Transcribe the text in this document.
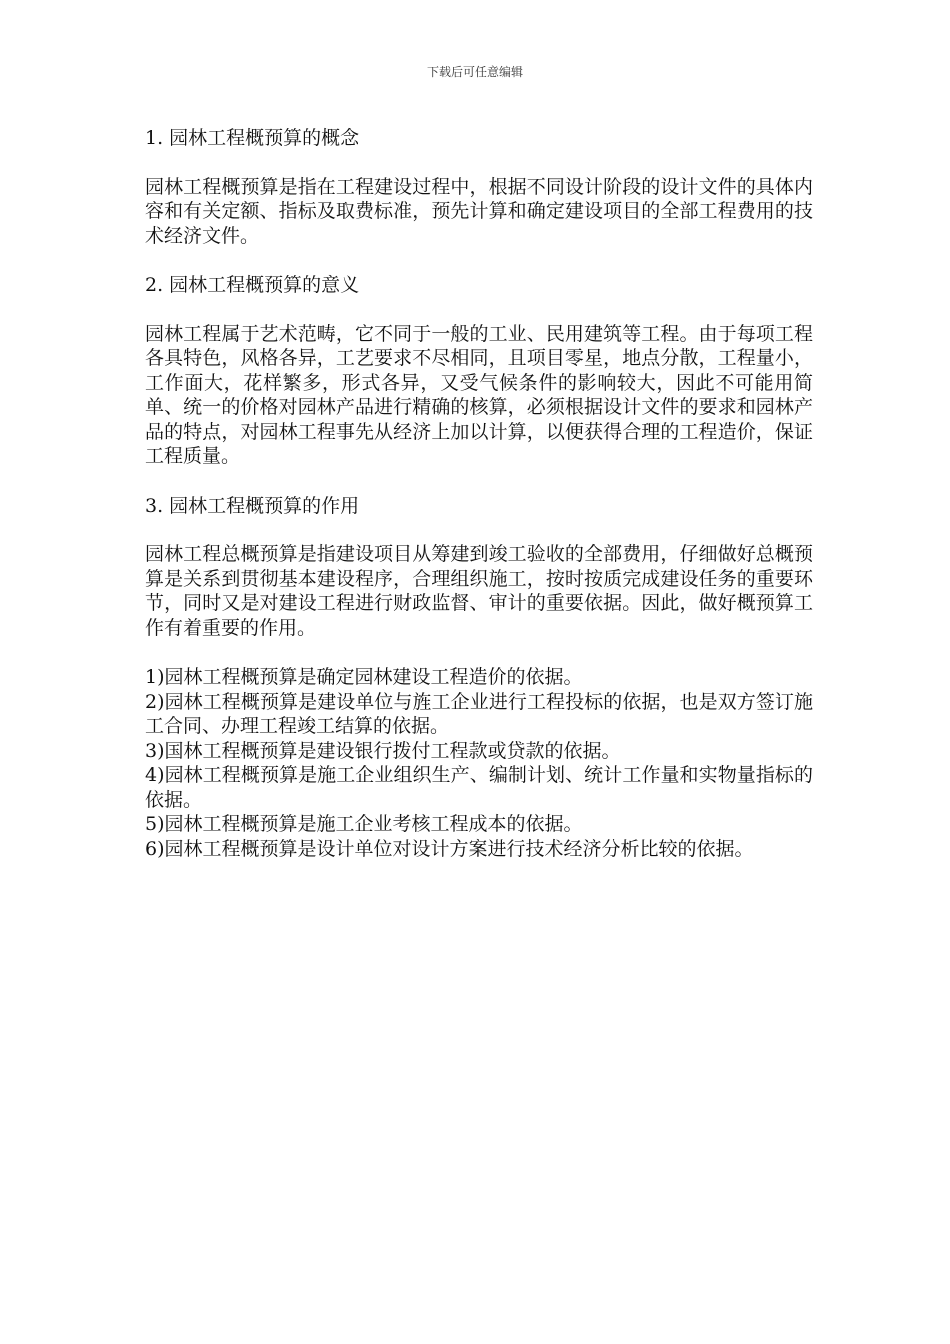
下载后可任意编辑
1. 园林工程概预算的概念

园林工程概预算是指在工程建设过程中，根据不同设计阶段的设计文件的具体内容和有关定额、指标及取费标准，预先计算和确定建设项目的全部工程费用的技术经济文件。

2. 园林工程概预算的意义

园林工程属于艺术范畴，它不同于一般的工业、民用建筑等工程。由于每项工程各具特色，风格各异，工艺要求不尽相同，且项目零星，地点分散，工程量小，工作面大，花样繁多，形式各异，又受气候条件的影响较大，因此不可能用简单、统一的价格对园林产品进行精确的核算，必须根据设计文件的要求和园林产品的特点，对园林工程事先从经济上加以计算，以便获得合理的工程造价，保证工程质量。

3. 园林工程概预算的作用

园林工程总概预算是指建设项目从筹建到竣工验收的全部费用，仔细做好总概预算是关系到贯彻基本建设程序，合理组织施工，按时按质完成建设任务的重要环节，同时又是对建设工程进行财政监督、审计的重要依据。因此，做好概预算工作有着重要的作用。

1)园林工程概预算是确定园林建设工程造价的依据。
2)园林工程概预算是建设单位与旌工企业进行工程投标的依据，也是双方签订施工合同、办理工程竣工结算的依据。
3)国林工程概预算是建设银行拨付工程款或贷款的依据。
4)园林工程概预算是施工企业组织生产、编制计划、统计工作量和实物量指标的依据。
5)园林工程概预算是施工企业考核工程成本的依据。
6)园林工程概预算是设计单位对设计方案进行技术经济分析比较的依据。
